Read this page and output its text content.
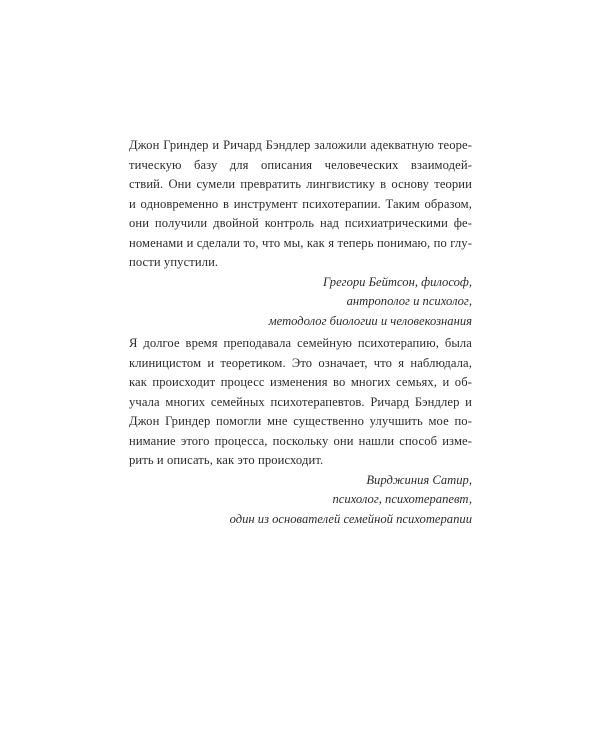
Джон Гриндер и Ричард Бэндлер заложили адекватную теоре-
тическую базу для описания человеческих взаимодей-
ствий. Они сумели превратить лингвистику в основу теории
и одновременно в инструмент психотерапии. Таким образом,
они получили двойной контроль над психиатрическими фе-
номенами и сделали то, что мы, как я теперь понимаю, по глу-
пости упустили.

Грегори Бейтсон, философ,
антрополог и психолог,
методолог биологии и человекознания

Я долгое время преподавала семейную психотерапию, была
клиницистом и теоретиком. Это означает, что я наблюдала,
как происходит процесс изменения во многих семьях, и об-
учала многих семейных психотерапевтов. Ричард Бэндлер и
Джон Гриндер помогли мне существенно улучшить мое по-
нимание этого процесса, поскольку они нашли способ измe-
рить и описать, как это происходит.

Вирджиния Сатир,
психолог, психотерапевт,
один из основателей семейной психотерапии
